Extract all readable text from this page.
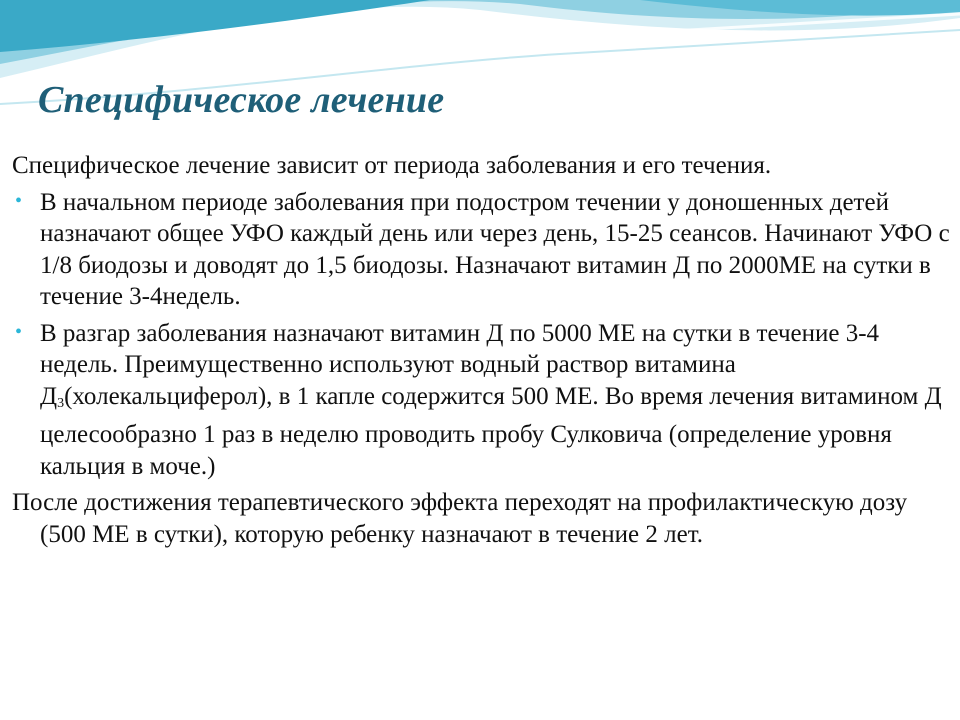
Специфическое лечение

Специфическое лечение зависит от периода заболевания и его течения.

• В начальном периоде заболевания при подостром течении у доношенных детей назначают общее УФО каждый день или через день, 15-25 сеансов. Начинают УФО с 1/8 биодозы и доводят до 1,5 биодозы. Назначают витамин Д по 2000МЕ на сутки в течение 3-4недель.

• В разгар заболевания назначают витамин Д по 5000 МЕ на сутки в течение 3-4 недель. Преимущественно используют водный раствор витамина $Д_3(холекальциферол)$, в 1 капле содержится 500 МЕ. Во время лечения витамином Д целесообразно 1 раз в неделю проводить пробу Сулковича (определение уровня кальция в моче.)

После достижения терапевтического эффекта переходят на профилактическую дозу (500 МЕ в сутки), которую ребенку назначают в течение 2 лет.
